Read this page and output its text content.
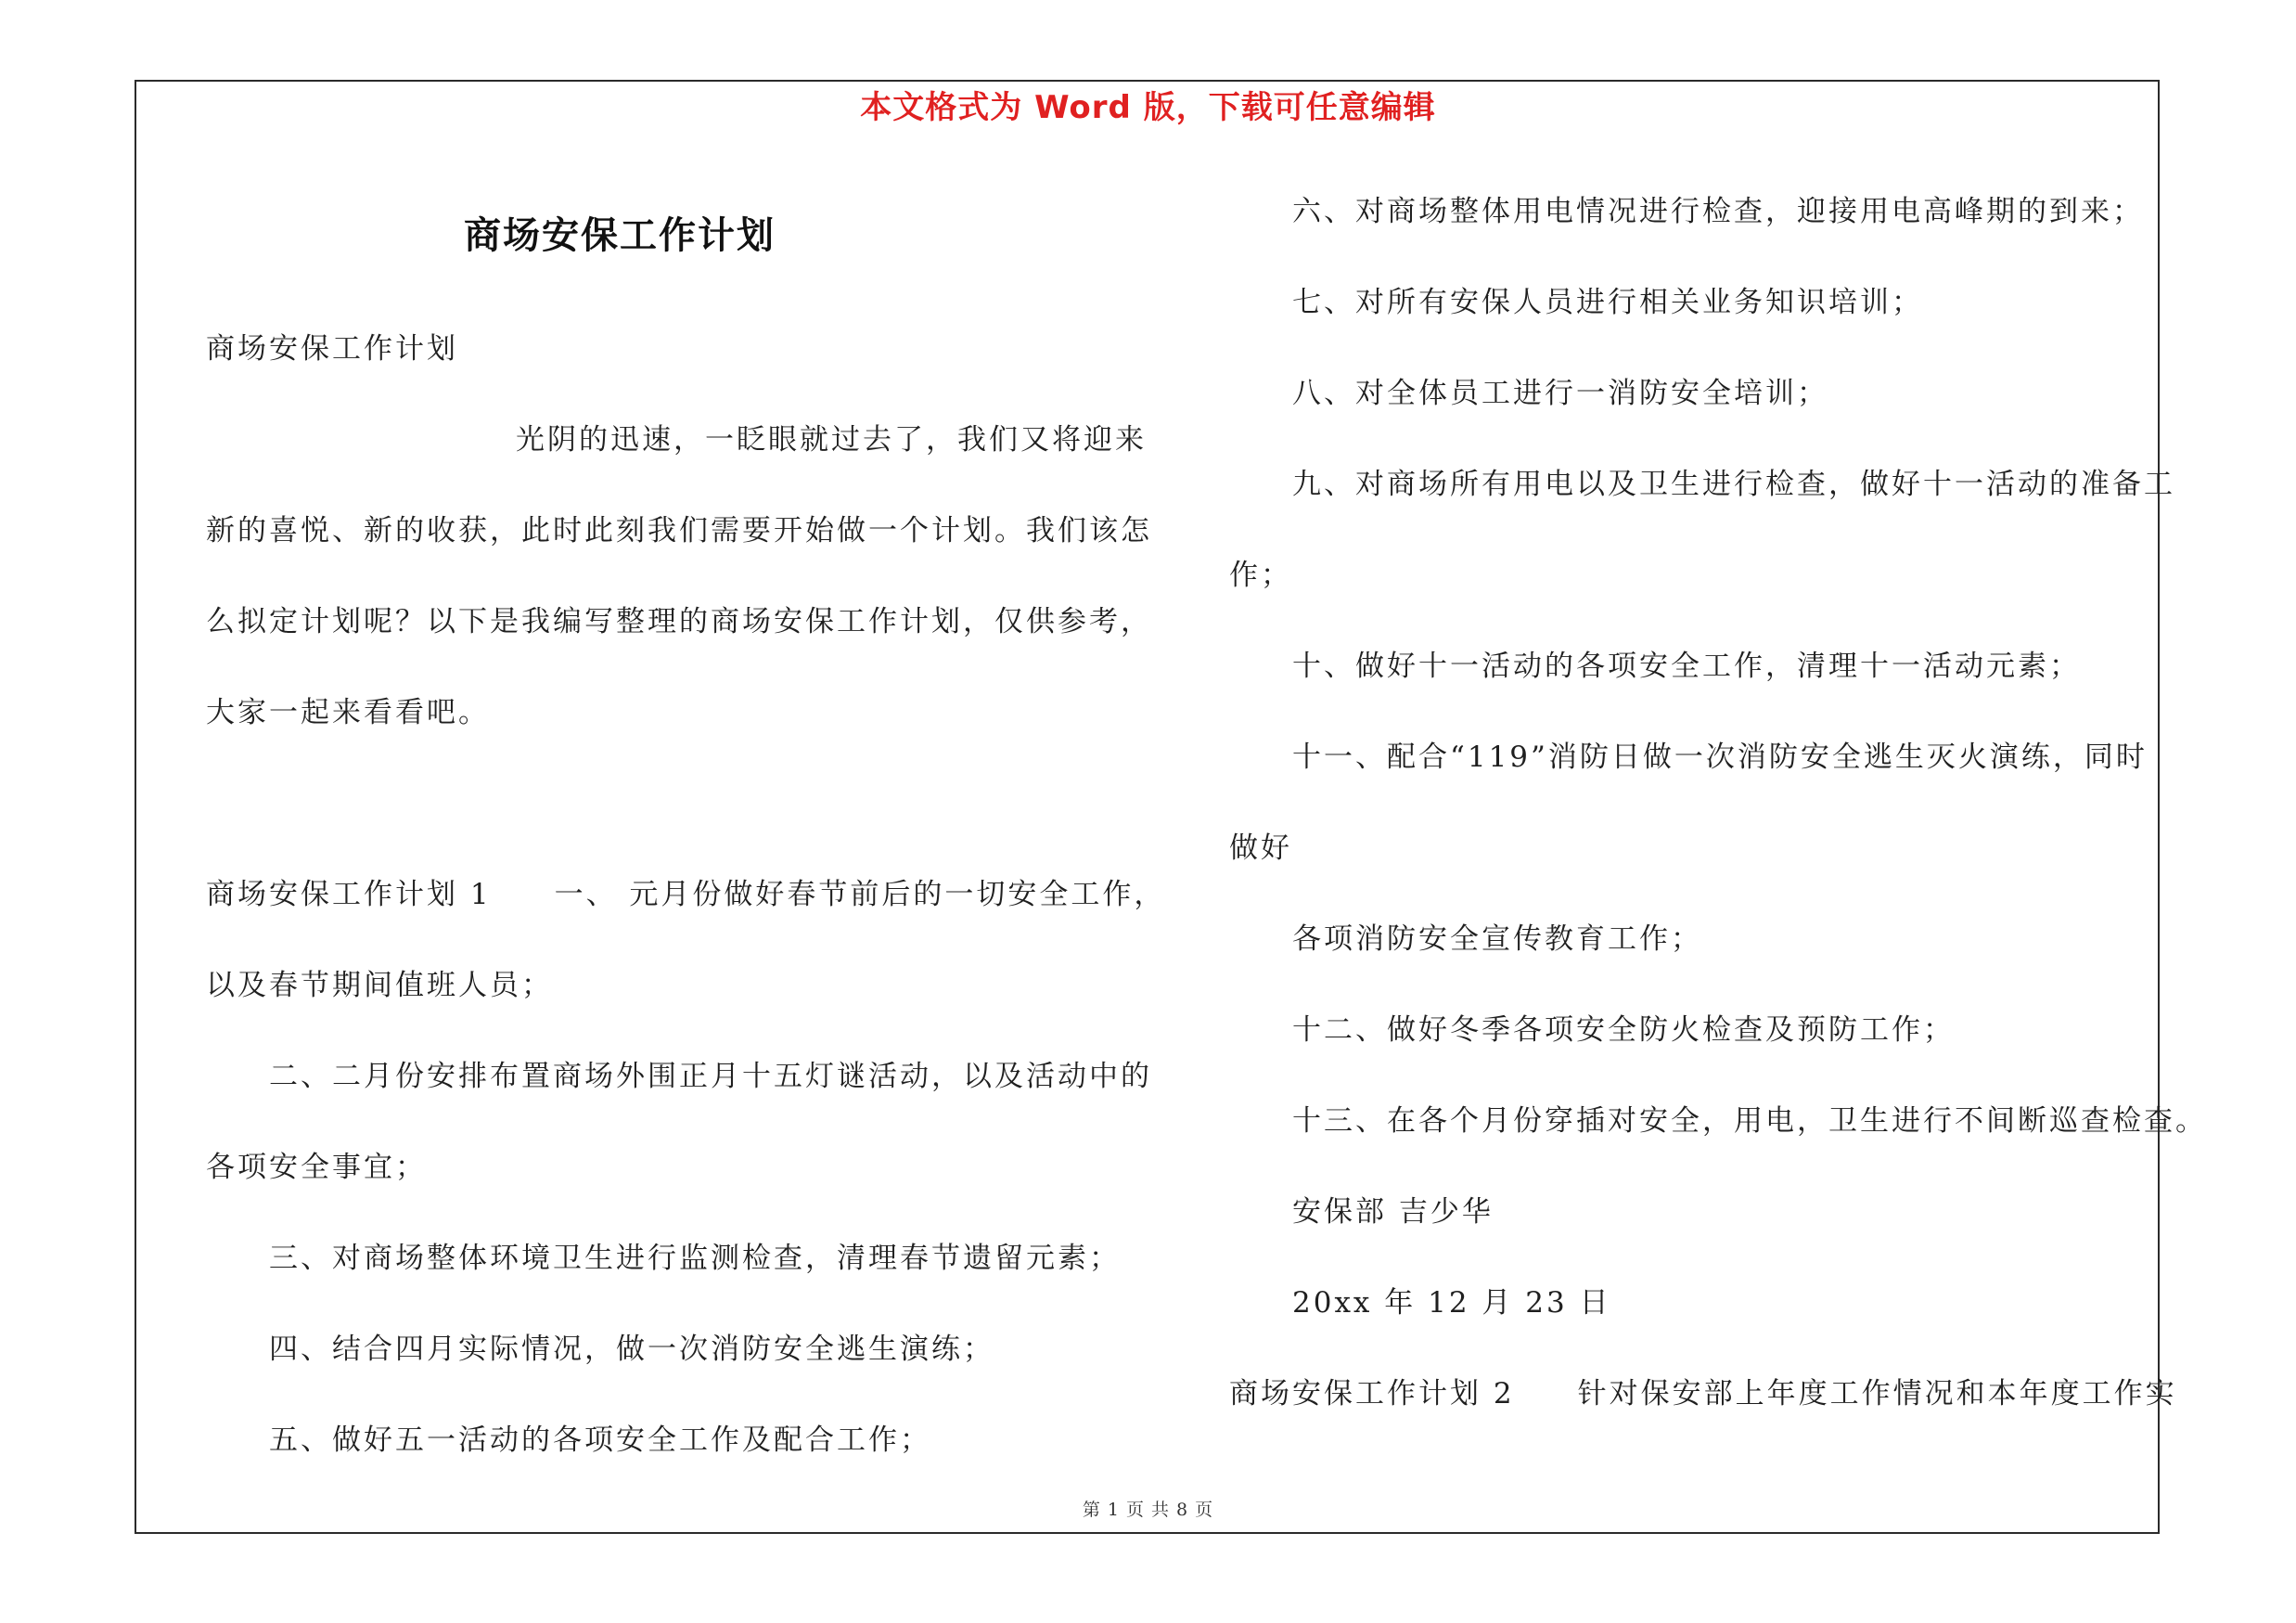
本文格式为 Word 版，下载可任意编辑
商场安保工作计划
商场安保工作计划
光阴的迅速，一眨眼就过去了，我们又将迎来
新的喜悦、新的收获，此时此刻我们需要开始做一个计划。我们该怎
么拟定计划呢？以下是我编写整理的商场安保工作计划，仅供参考，
大家一起来看看吧。
商场安保工作计划 1　　一、 元月份做好春节前后的一切安全工作，
以及春节期间值班人员；
二、二月份安排布置商场外围正月十五灯谜活动，以及活动中的
各项安全事宜；
三、对商场整体环境卫生进行监测检查，清理春节遗留元素；
四、结合四月实际情况，做一次消防安全逃生演练；
五、做好五一活动的各项安全工作及配合工作；
六、对商场整体用电情况进行检查，迎接用电高峰期的到来；
七、对所有安保人员进行相关业务知识培训；
八、对全体员工进行一消防安全培训；
九、对商场所有用电以及卫生进行检查，做好十一活动的准备工
作；
十、做好十一活动的各项安全工作，清理十一活动元素；
十一、配合“119”消防日做一次消防安全逃生灭火演练，同时
做好
各项消防安全宣传教育工作；
十二、做好冬季各项安全防火检查及预防工作；
十三、在各个月份穿插对安全，用电，卫生进行不间断巡查检查。
安保部 吉少华
20xx 年 12 月 23 日
商场安保工作计划 2　　针对保安部上年度工作情况和本年度工作实
第 1 页 共 8 页
